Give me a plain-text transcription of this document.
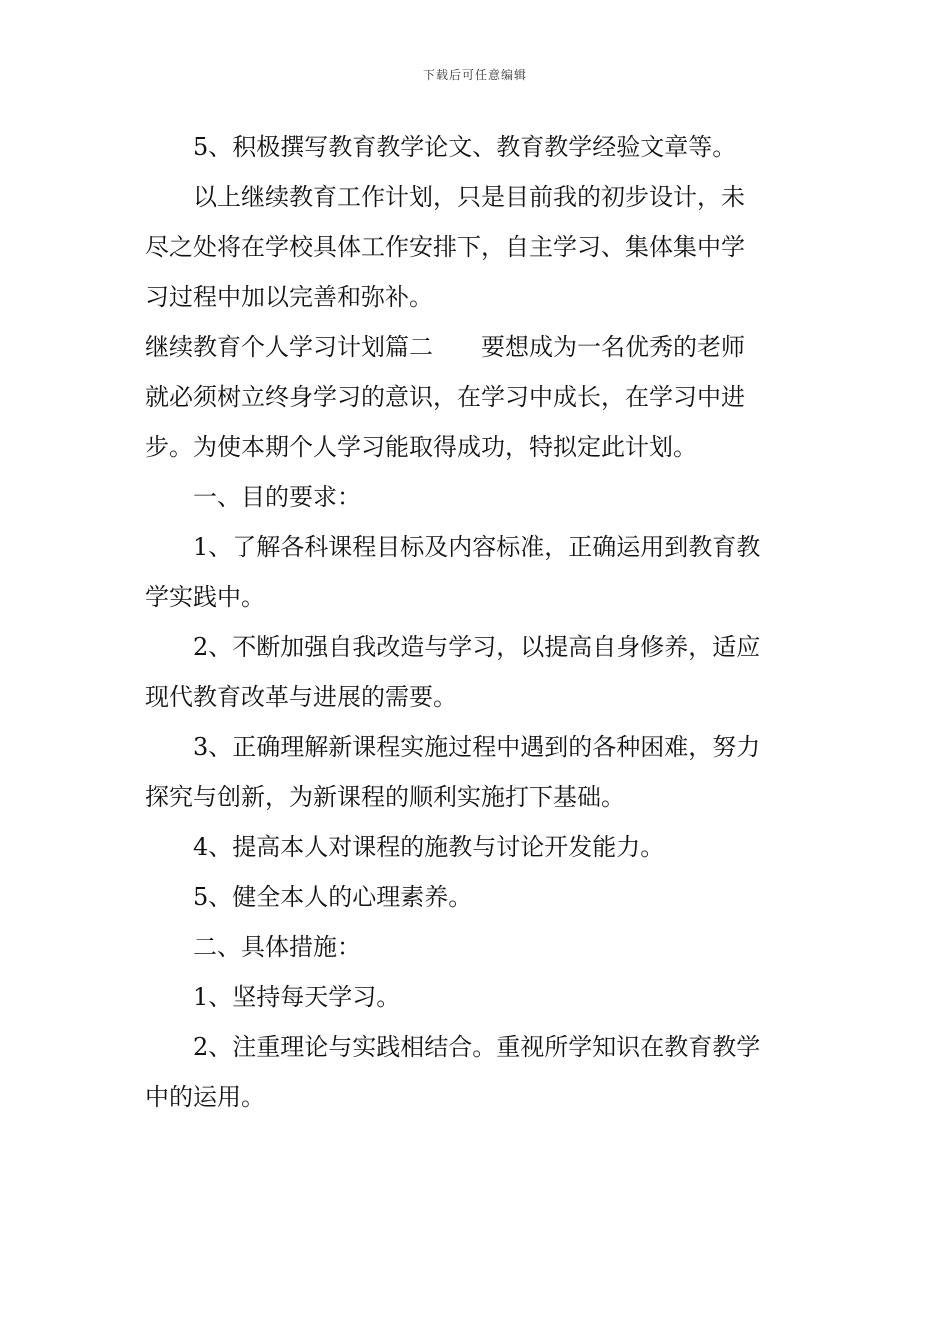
下载后可任意编辑

5、积极撰写教育教学论文、教育教学经验文章等。

以上继续教育工作计划，只是目前我的初步设计，未

尽之处将在学校具体工作安排下，自主学习、集体集中学

习过程中加以完善和弥补。

继续教育个人学习计划篇二 要想成为一名优秀的老师

就必须树立终身学习的意识，在学习中成长，在学习中进

步。为使本期个人学习能取得成功，特拟定此计划。

一、目的要求：

1、了解各科课程目标及内容标准，正确运用到教育教

学实践中。

2、不断加强自我改造与学习，以提高自身修养，适应

现代教育改革与进展的需要。

3、正确理解新课程实施过程中遇到的各种困难，努力

探究与创新，为新课程的顺利实施打下基础。

4、提高本人对课程的施教与讨论开发能力。

5、健全本人的心理素养。

二、具体措施：

1、坚持每天学习。

2、注重理论与实践相结合。重视所学知识在教育教学

中的运用。
